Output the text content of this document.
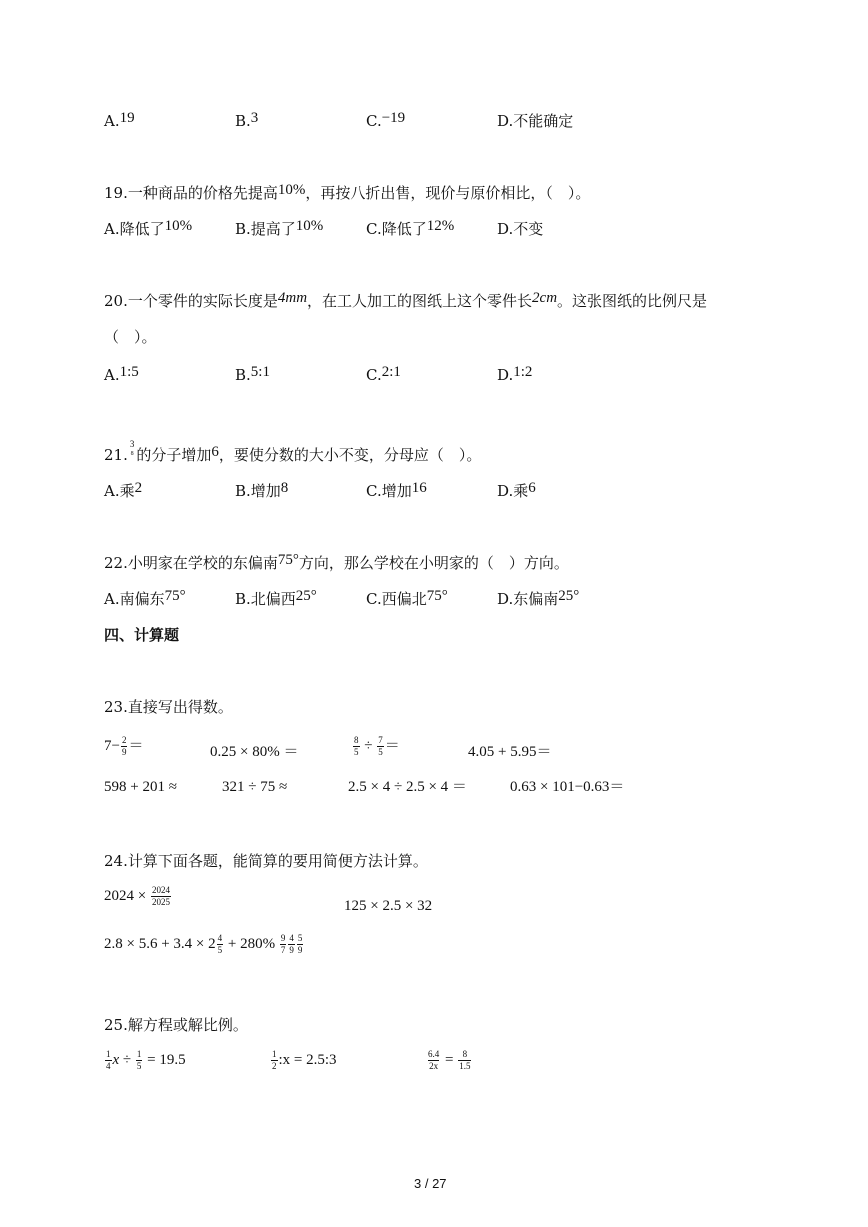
A.19	B.3	C.−19	D.不能确定
19.一种商品的价格先提高10%，再按八折出售，现价与原价相比，（　）。
A.降低了10%	B.提高了10%	C.降低了12%	D.不变
20.一个零件的实际长度是4mm，在工人加工的图纸上这个零件长2cm。这张图纸的比例尺是
（　）。
A.1:5	B.5:1	C.2:1	D.1:2
21.
3
8 的分子增加6，要使分数的大小不变，分母应（　）。
A.乘2	B.增加8	C.增加16	D.乘6
22.小明家在学校的东偏南75°方向，那么学校在小明家的（　）方向。
A.南偏东75°	B.北偏西25°	C.西偏北75°	D.东偏南25°
四、计算题
23.直接写出得数。
$7- \frac{2}{9}$ ＝	0.25 × 80% ＝	$\frac{8}{5} \div \frac{7}{5}$ ＝	4.05 + 5.95＝
598 + 201 ≈	321 ÷ 75 ≈	2.5 × 4 ÷ 2.5 × 4 ＝	0.63 × 101−0.63＝
24.计算下面各题，能简算的要用简便方法计算。
$2024 \times \frac{2024}{2025}$	125 × 2.5 × 32
$2.8 \times 5.6 + 3.4 \times 2 \frac{4}{5} + 280\% \frac{9}{7} \frac{4}{9} \frac{5}{9}$
25.解方程或解比例。
$\frac{1}{4}$ $x \div \frac{1}{5} = 19.5$	$\frac{1}{2}$ :x = 2.5:3	$\frac{6.4}{2x} = \frac{8}{1.5}$
3 / 27
